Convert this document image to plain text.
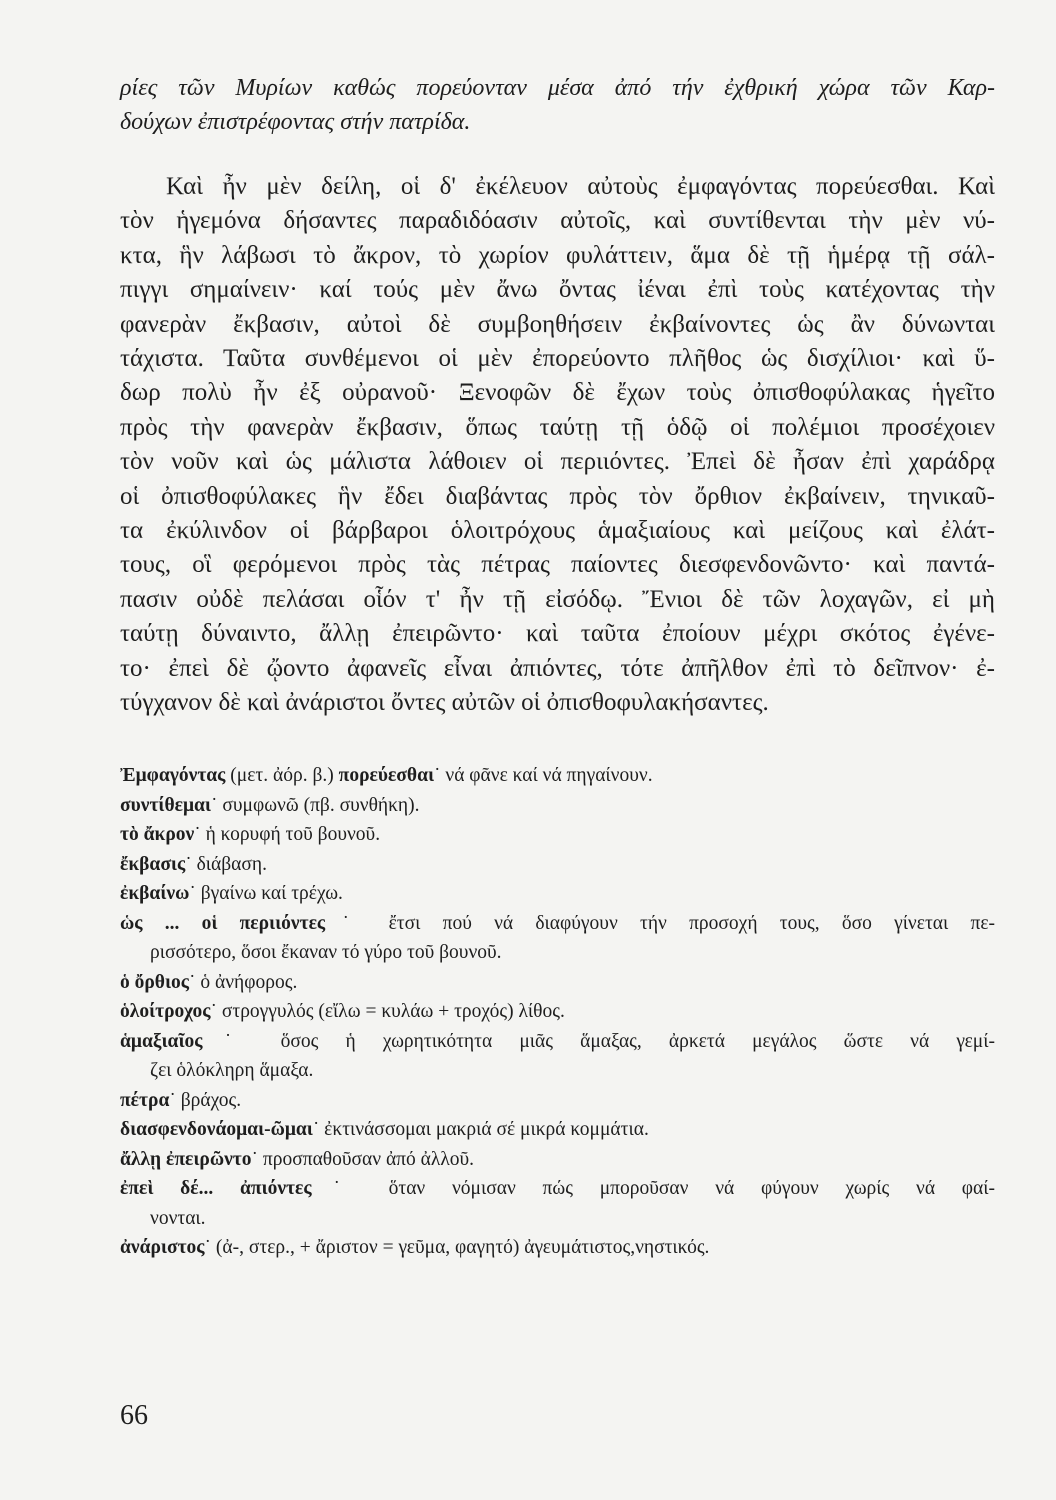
ρίες τῶν Μυρίων καθώς πορεύονταν μέσα ἀπό τήν ἐχθρική χώρα τῶν Καρ-
δούχων ἐπιστρέφοντας στήν πατρίδα.
Καὶ ἦν μὲν δείλη, οἱ δ' ἐκέλευον αὐτοὺς ἐμφαγόντας πορεύεσθαι. Καὶ
τὸν ἡγεμόνα δήσαντες παραδιδόασιν αὐτοῖς, καὶ συντίθενται τὴν μὲν νύ-
κτα, ἣν λάβωσι τὸ ἄκρον, τὸ χωρίον φυλάττειν, ἅμα δὲ τῇ ἡμέρᾳ τῇ σάλ-
πιγγι σημαίνειν· καί τούς μὲν ἄνω ὄντας ἰέναι ἐπὶ τοὺς κατέχοντας τὴν
φανερὰν ἔκβασιν, αὐτοὶ δὲ συμβοηθήσειν ἐκβαίνοντες ὡς ἂν δύνωνται
τάχιστα. Ταῦτα συνθέμενοι οἱ μὲν ἐπορεύοντο πλῆθος ὡς δισχίλιοι· καὶ ὕ-
δωρ πολὺ ἦν ἐξ οὐρανοῦ· Ξενοφῶν δὲ ἔχων τοὺς ὀπισθοφύλακας ἡγεῖτο
πρὸς τὴν φανερὰν ἔκβασιν, ὅπως ταύτῃ τῇ ὁδῷ οἱ πολέμιοι προσέχοιεν
τὸν νοῦν καὶ ὡς μάλιστα λάθοιεν οἱ περιιόντες. Ἐπεὶ δὲ ἦσαν ἐπὶ χαράδρᾳ
οἱ ὀπισθοφύλακες ἣν ἔδει διαβάντας πρὸς τὸν ὄρθιον ἐκβαίνειν, τηνικαῦ-
τα ἐκύλινδον οἱ βάρβαροι ὁλοιτρόχους ἁμαξιαίους καὶ μείζους καὶ ἐλάτ-
τους, οἳ φερόμενοι πρὸς τὰς πέτρας παίοντες διεσφενδονῶντο· καὶ παντά-
πασιν οὐδὲ πελάσαι οἷόν τ' ἦν τῇ εἰσόδῳ. Ἔνιοι δὲ τῶν λοχαγῶν, εἰ μὴ
ταύτῃ δύναιντο, ἄλλῃ ἐπειρῶντο· καὶ ταῦτα ἐποίουν μέχρι σκότος ἐγένε-
το· ἐπεὶ δὲ ᾤοντο ἀφανεῖς εἶναι ἀπιόντες, τότε ἀπῆλθον ἐπὶ τὸ δεῖπνον· ἐ-
τύγχανον δὲ καὶ ἀνάριστοι ὄντες αὐτῶν οἱ ὀπισθοφυλακήσαντες.
Ἐμφαγόντας (μετ. ἀόρ. β.) πορεύεσθαι˙ νά φᾶνε καί νά πηγαίνουν.
συντίθεμαι˙ συμφωνῶ (πβ. συνθήκη).
τὸ ἄκρον˙ ἡ κορυφή τοῦ βουνοῦ.
ἔκβασις˙ διάβαση.
ἐκβαίνω˙ βγαίνω καί τρέχω.
ὡς ... οἱ περιιόντες˙ ἔτσι πού νά διαφύγουν τήν προσοχή τους, ὅσο γίνεται πε-
ρισσότερο, ὅσοι ἔκαναν τό γύρο τοῦ βουνοῦ.
ὁ ὄρθιος˙ ὁ ἀνήφορος.
ὁλοίτροχος˙ στρογγυλός (εἴλω = κυλάω + τροχός) λίθος.
ἁμαξιαῖος˙ ὅσος ἡ χωρητικότητα μιᾶς ἅμαξας, ἀρκετά μεγάλος ὥστε νά γεμί-
ζει ὁλόκληρη ἅμαξα.
πέτρα˙ βράχος.
διασφενδονάομαι-ῶμαι˙ ἐκτινάσσομαι μακριά σέ μικρά κομμάτια.
ἄλλῃ ἐπειρῶντο˙ προσπαθοῦσαν ἀπό ἀλλοῦ.
ἐπεὶ δέ... ἀπιόντες˙ ὅταν νόμισαν πώς μποροῦσαν νά φύγουν χωρίς νά φαί-
νονται.
ἀνάριστος˙ (ἀ-, στερ., + ἄριστον = γεῦμα, φαγητό) ἀγευμάτιστος,νηστικός.
66
